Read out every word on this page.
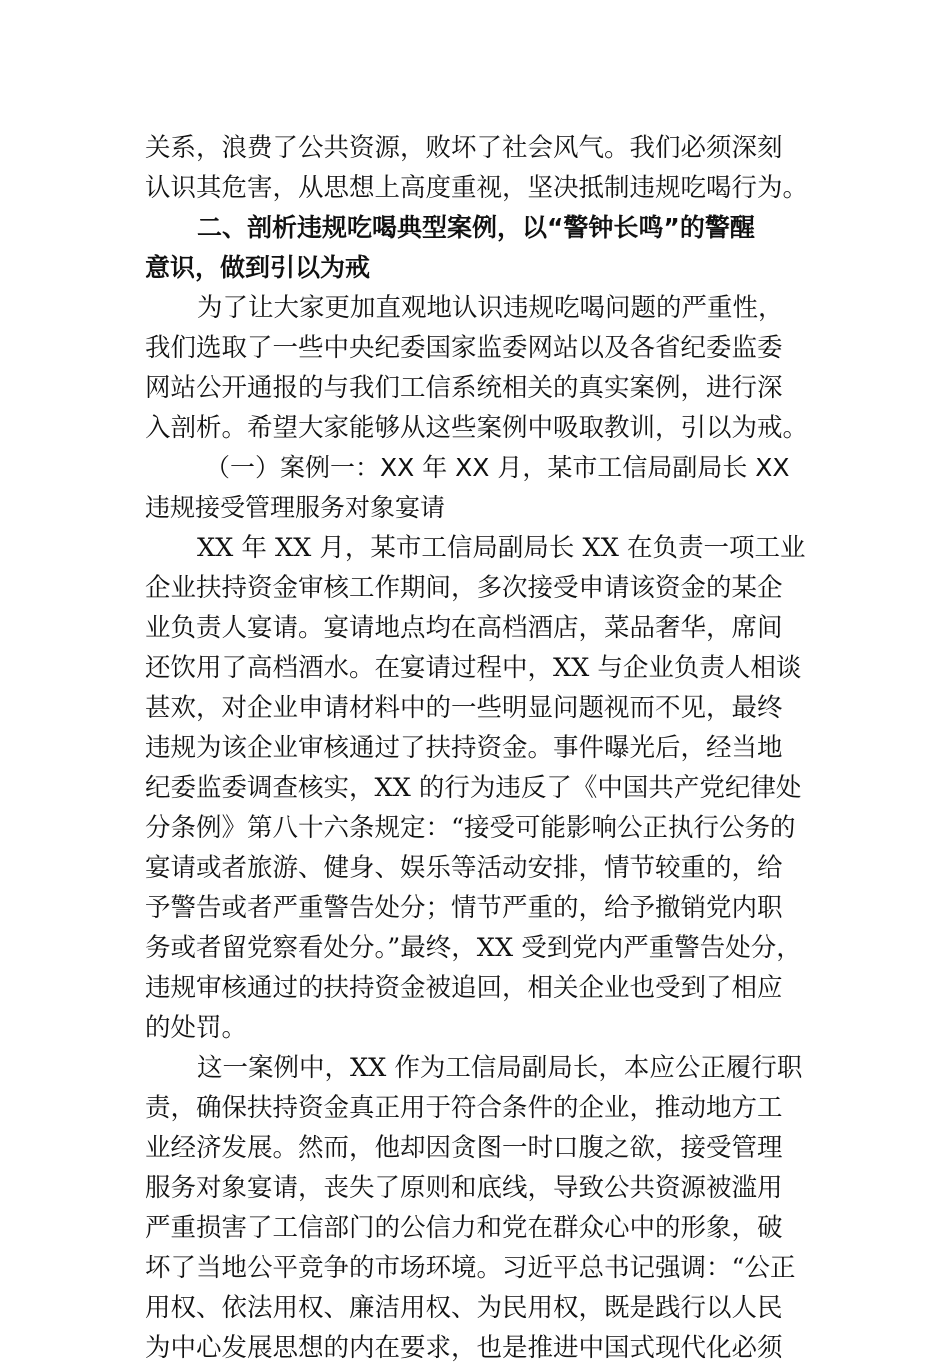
关系，浪费了公共资源，败坏了社会风气。我们必须深刻
认识其危害，从思想上高度重视，坚决抵制违规吃喝行为。
二、剖析违规吃喝典型案例，以“警钟长鸣”的警醒
意识，做到引以为戒
为了让大家更加直观地认识违规吃喝问题的严重性，
我们选取了一些中央纪委国家监委网站以及各省纪委监委
网站公开通报的与我们工信系统相关的真实案例，进行深
入剖析。希望大家能够从这些案例中吸取教训，引以为戒。
（一）案例一：XX 年 XX 月，某市工信局副局长 XX
违规接受管理服务对象宴请
XX 年 XX 月，某市工信局副局长 XX 在负责一项工业
企业扶持资金审核工作期间，多次接受申请该资金的某企
业负责人宴请。宴请地点均在高档酒店，菜品奢华，席间
还饮用了高档酒水。在宴请过程中，XX 与企业负责人相谈
甚欢，对企业申请材料中的一些明显问题视而不见，最终
违规为该企业审核通过了扶持资金。事件曝光后，经当地
纪委监委调查核实，XX 的行为违反了《中国共产党纪律处
分条例》第八十六条规定：“接受可能影响公正执行公务的
宴请或者旅游、健身、娱乐等活动安排，情节较重的，给
予警告或者严重警告处分；情节严重的，给予撤销党内职
务或者留党察看处分。”最终，XX 受到党内严重警告处分，
违规审核通过的扶持资金被追回，相关企业也受到了相应
的处罚。
这一案例中，XX 作为工信局副局长，本应公正履行职
责，确保扶持资金真正用于符合条件的企业，推动地方工
业经济发展。然而，他却因贪图一时口腹之欲，接受管理
服务对象宴请，丧失了原则和底线，导致公共资源被滥用
严重损害了工信部门的公信力和党在群众心中的形象，破
坏了当地公平竞争的市场环境。习近平总书记强调：“公正
用权、依法用权、廉洁用权、为民用权，既是践行以人民
为中心发展思想的内在要求，也是推进中国式现代化必须
